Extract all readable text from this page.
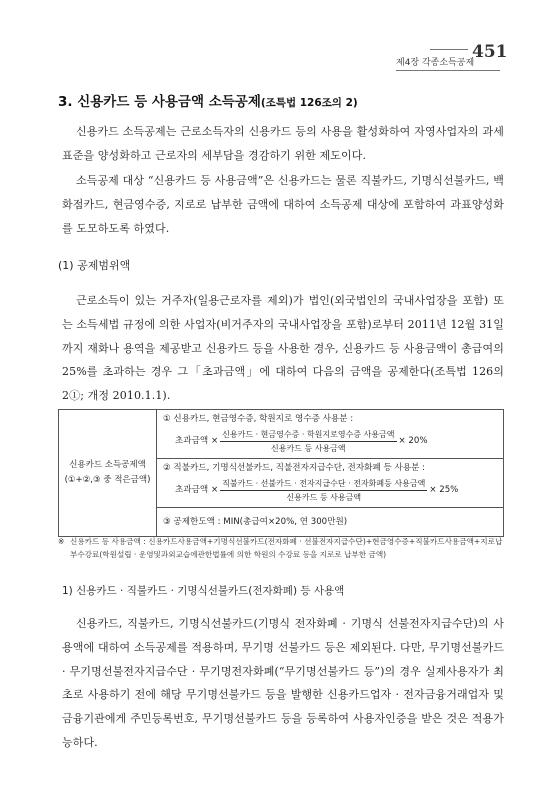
451
제4장 각종소득공제
3. 신용카드 등 사용금액 소득공제(조특법 126조의 2)
신용카드 소득공제는 근로소득자의 신용카드 등의 사용을 활성화하여 자영사업자의 과세표준을 양성화하고 근로자의 세부담을 경감하기 위한 제도이다.
소득공제 대상 “신용카드 등 사용금액”은 신용카드는 물론 직불카드, 기명식선불카드, 백화점카드, 현금영수증, 지로로 납부한 금액에 대하여 소득공제 대상에 포함하여 과표양성화를 도모하도록 하였다.
(1) 공제범위액
근로소득이 있는 거주자(일용근로자를 제외)가 법인(외국법인의 국내사업장을 포함) 또는 소득세법 규정에 의한 사업자(비거주자의 국내사업장을 포함)로부터 2011년 12월 31일까지 재화나 용역을 제공받고 신용카드 등을 사용한 경우, 신용카드 등 사용금액이 총급여의 25%를 초과하는 경우 그「초과금액」에 대하여 다음의 금액을 공제한다(조특법 126의2①; 개정 2010.1.1).
신용카드 소득공제액
(①+②,③ 중 적은금액)

① 신용카드, 현금영수증, 학원지로 영수증 사용분 :
초과금액 × $\frac{\text{신용카드 · 현금영수증 · 학원지로영수증 사용금액}}{\text{신용카드 등 사용금액}} \times 20\%$

② 직불카드, 기명식선불카드, 직불전자지급수단, 전자화폐 등 사용분 :
초과금액 × $\frac{\text{직불카드 · 선불카드 · 전자지급수단 · 전자화폐등 사용금액}}{\text{신용카드 등 사용금액}} \times 25\%$

③ 공제한도액 : MIN(총급여×20%, 연 300만원)
※ 신용카드 등 사용금액 : 신용카드사용금액+기명식선불카드(전자화폐 · 선불전자지급수단)+현금영수증+직불카드사용금액+지로납부수강료(학원설립 · 운영및과외교습에관한법률에 의한 학원의 수강료 등을 지로로 납부한 금액)
1) 신용카드 · 직불카드 · 기명식선불카드(전자화폐) 등 사용액
신용카드, 직불카드, 기명식선불카드(기명식 전자화폐 · 기명식 선불전자지급수단)의 사용액에 대하여 소득공제를 적용하며, 무기명 선불카드 등은 제외된다. 다만, 무기명선불카드 · 무기명선불전자지급수단 · 무기명전자화폐(“무기명선불카드 등”)의 경우 실제사용자가 최초로 사용하기 전에 해당 무기명선불카드 등을 발행한 신용카드업자 · 전자금융거래업자 및 금융기관에게 주민등록번호, 무기명선불카드 등을 등록하여 사용자인증을 받은 것은 적용가능하다.
